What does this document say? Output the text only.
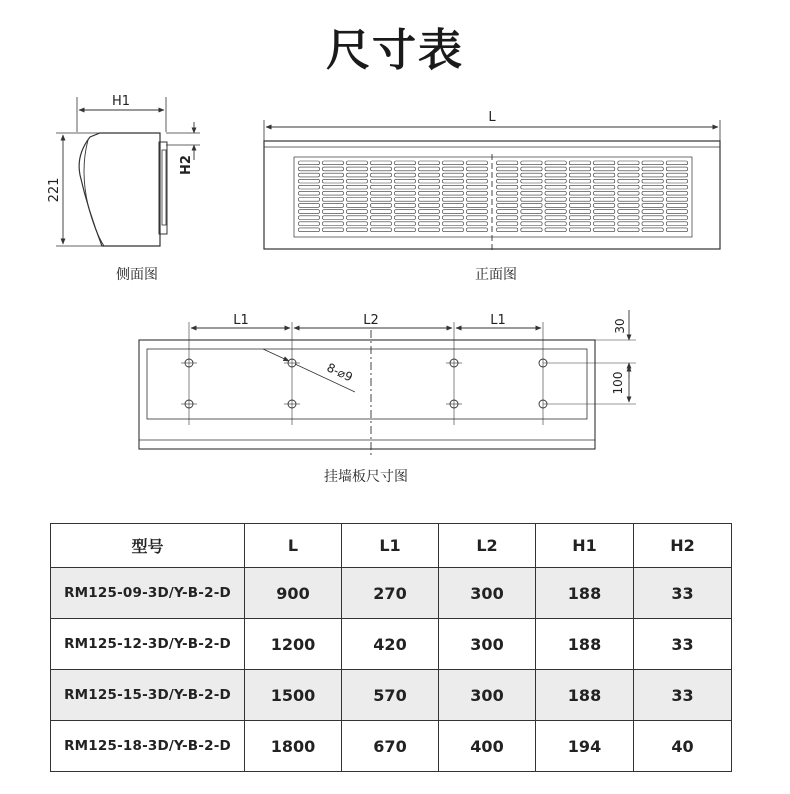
尺寸表
H1
221
H2
L1	L2	L1	30
100
8-⌀9
L
侧面图	正面图
挂墙板尺寸图
型号	L	L1	L2	H1	H2
RM125-09-3D/Y-B-2-D	900	270	300	188	33
RM125-12-3D/Y-B-2-D	1200	420	300	188	33
RM125-15-3D/Y-B-2-D	1500	570	300	188	33
RM125-18-3D/Y-B-2-D	1800	670	400	194	40
